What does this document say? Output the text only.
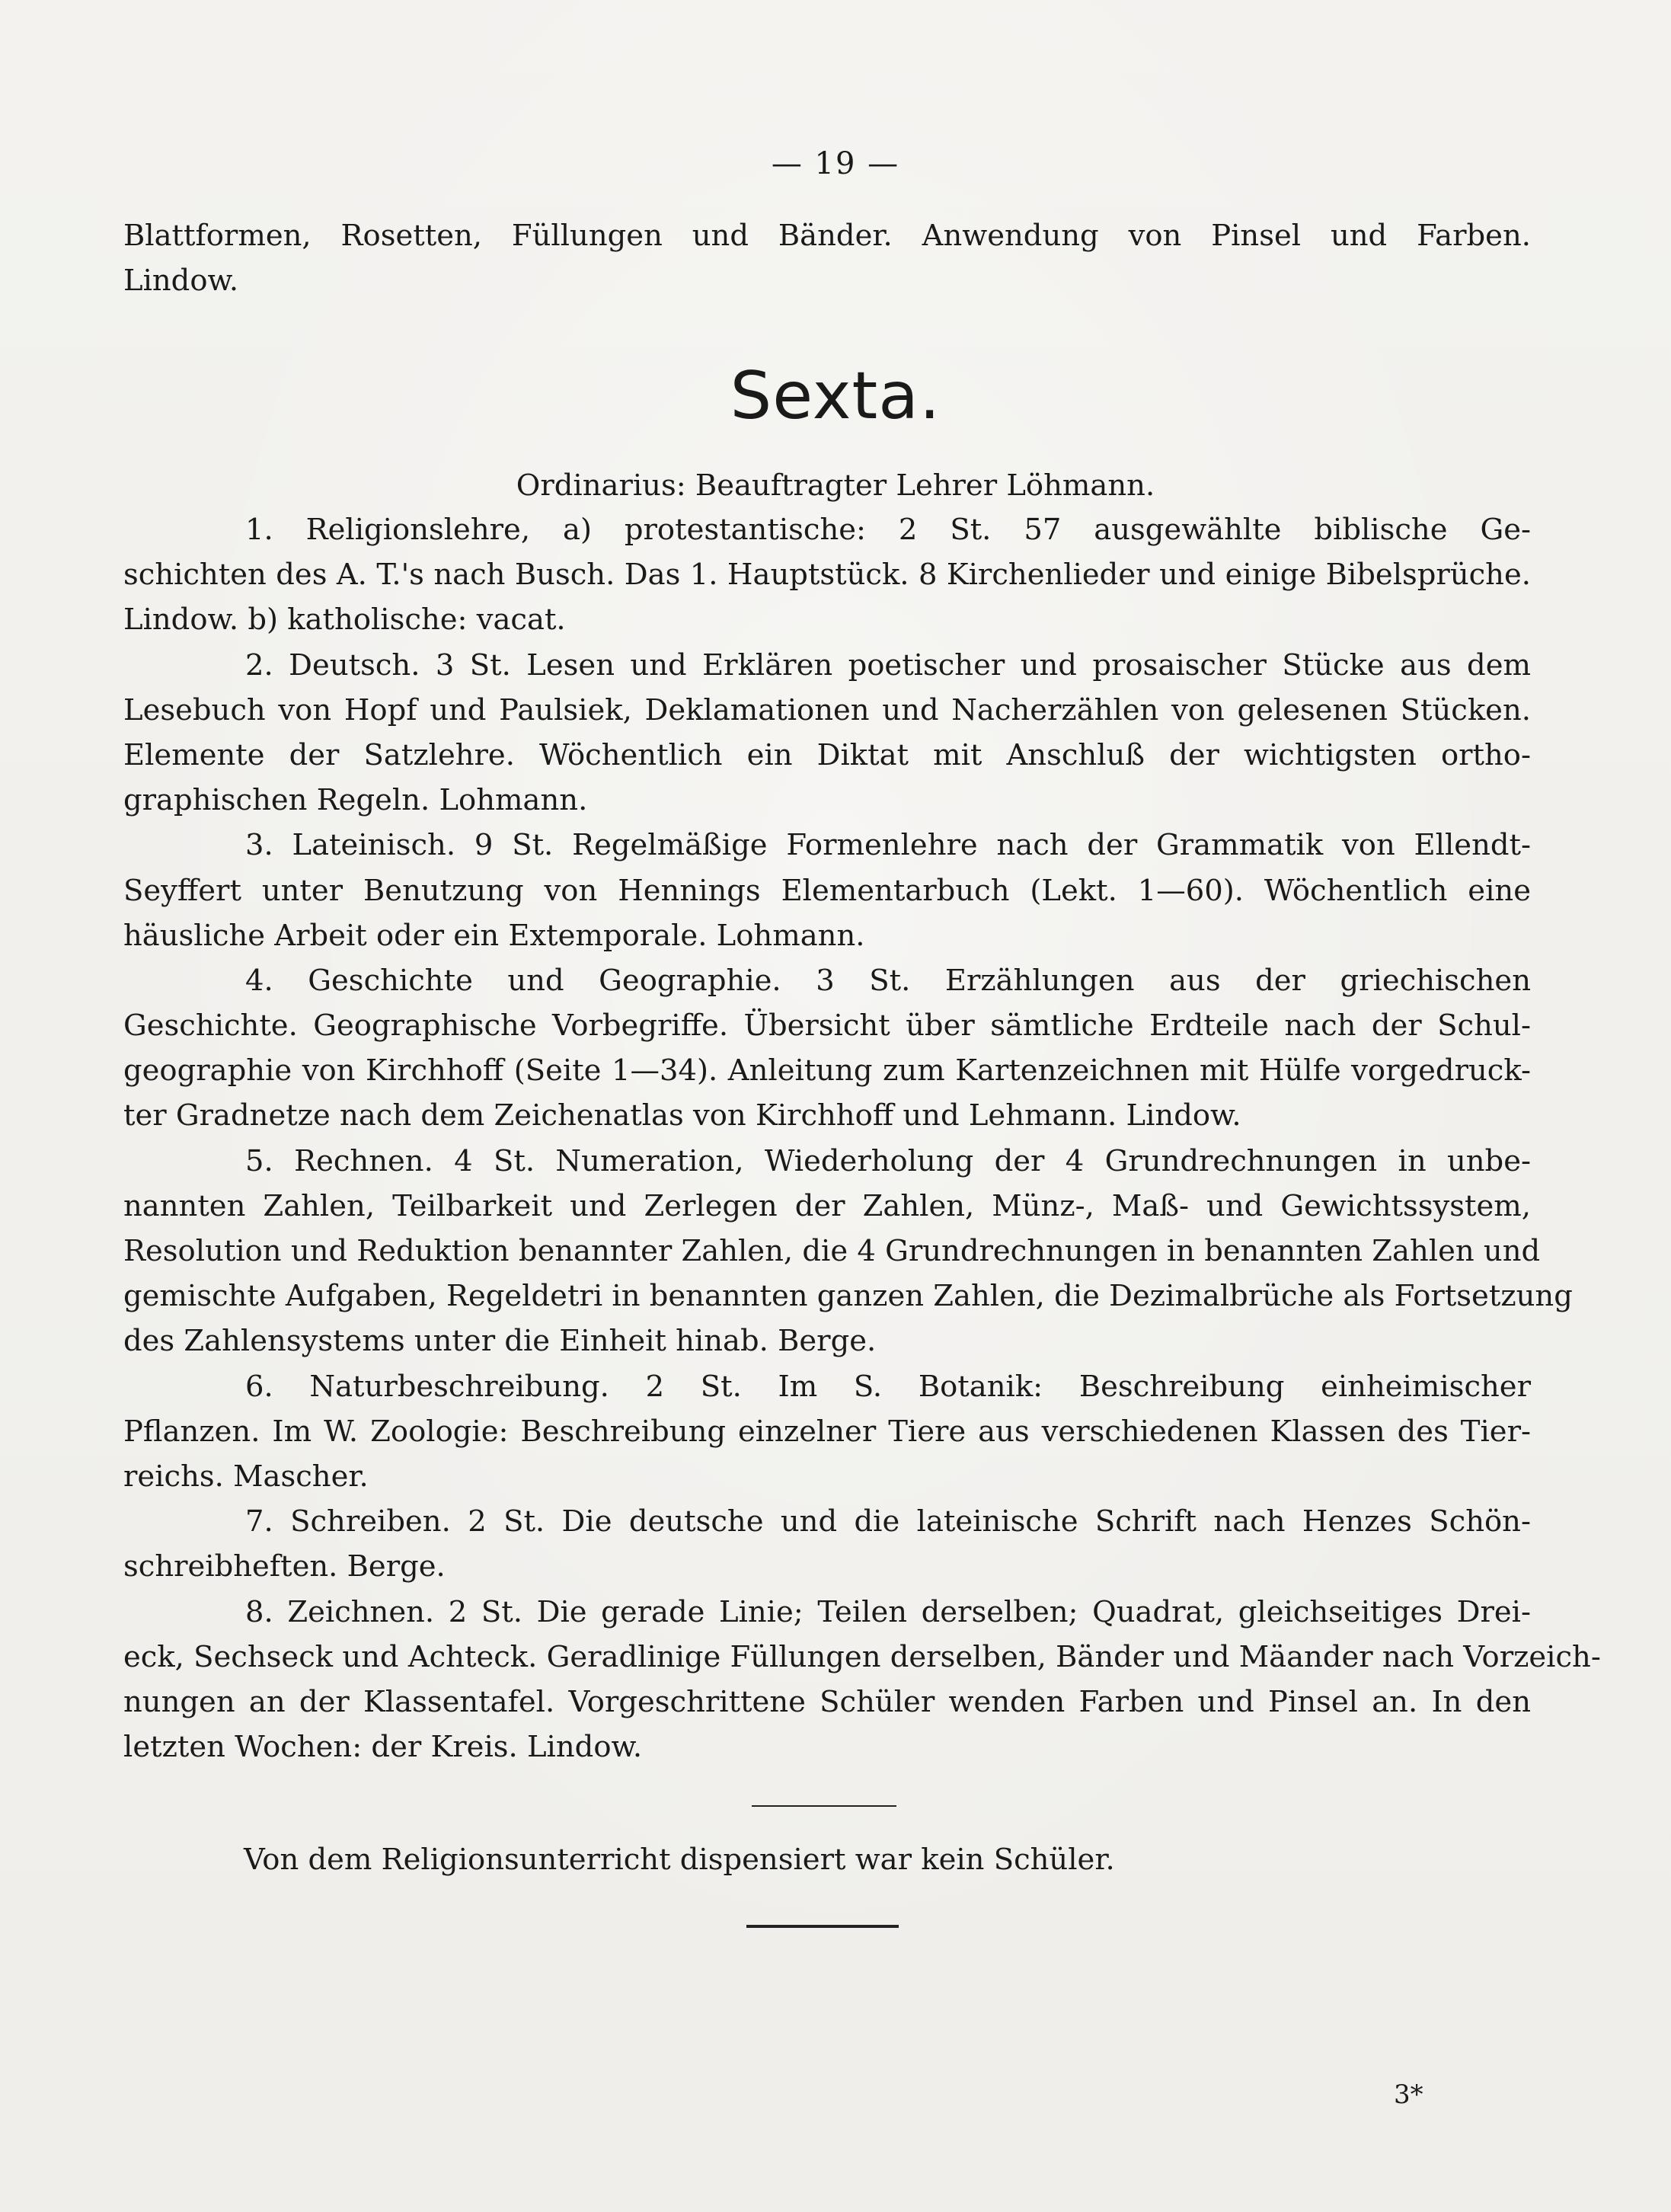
— 19 —
Blattformen, Rosetten, Füllungen und Bänder. Anwendung von Pinsel und Farben.
Lindow.
Sexta.
Ordinarius: Beauftragter Lehrer Löhmann.
1. Religionslehre, a) protestantische: 2 St. 57 ausgewählte biblische Ge-
schichten des A. T.'s nach Busch. Das 1. Hauptstück. 8 Kirchenlieder und einige Bibelsprüche.
Lindow. b) katholische: vacat.
2. Deutsch. 3 St. Lesen und Erklären poetischer und prosaischer Stücke aus dem
Lesebuch von Hopf und Paulsiek, Deklamationen und Nacherzählen von gelesenen Stücken.
Elemente der Satzlehre. Wöchentlich ein Diktat mit Anschluß der wichtigsten ortho-
graphischen Regeln. Lohmann.
3. Lateinisch. 9 St. Regelmäßige Formenlehre nach der Grammatik von Ellendt-
Seyffert unter Benutzung von Hennings Elementarbuch (Lekt. 1—60). Wöchentlich eine
häusliche Arbeit oder ein Extemporale. Lohmann.
4. Geschichte und Geographie. 3 St. Erzählungen aus der griechischen
Geschichte. Geographische Vorbegriffe. Übersicht über sämtliche Erdteile nach der Schul-
geographie von Kirchhoff (Seite 1—34). Anleitung zum Kartenzeichnen mit Hülfe vorgedruck-
ter Gradnetze nach dem Zeichenatlas von Kirchhoff und Lehmann. Lindow.
5. Rechnen. 4 St. Numeration, Wiederholung der 4 Grundrechnungen in unbe-
nannten Zahlen, Teilbarkeit und Zerlegen der Zahlen, Münz-, Maß- und Gewichtssystem,
Resolution und Reduktion benannter Zahlen, die 4 Grundrechnungen in benannten Zahlen und
gemischte Aufgaben, Regeldetri in benannten ganzen Zahlen, die Dezimalbrüche als Fortsetzung
des Zahlensystems unter die Einheit hinab. Berge.
6. Naturbeschreibung. 2 St. Im S. Botanik: Beschreibung einheimischer
Pflanzen. Im W. Zoologie: Beschreibung einzelner Tiere aus verschiedenen Klassen des Tier-
reichs. Mascher.
7. Schreiben. 2 St. Die deutsche und die lateinische Schrift nach Henzes Schön-
schreibheften. Berge.
8. Zeichnen. 2 St. Die gerade Linie; Teilen derselben; Quadrat, gleichseitiges Drei-
eck, Sechseck und Achteck. Geradlinige Füllungen derselben, Bänder und Mäander nach Vorzeich-
nungen an der Klassentafel. Vorgeschrittene Schüler wenden Farben und Pinsel an. In den
letzten Wochen: der Kreis. Lindow.
Von dem Religionsunterricht dispensiert war kein Schüler.
3*
